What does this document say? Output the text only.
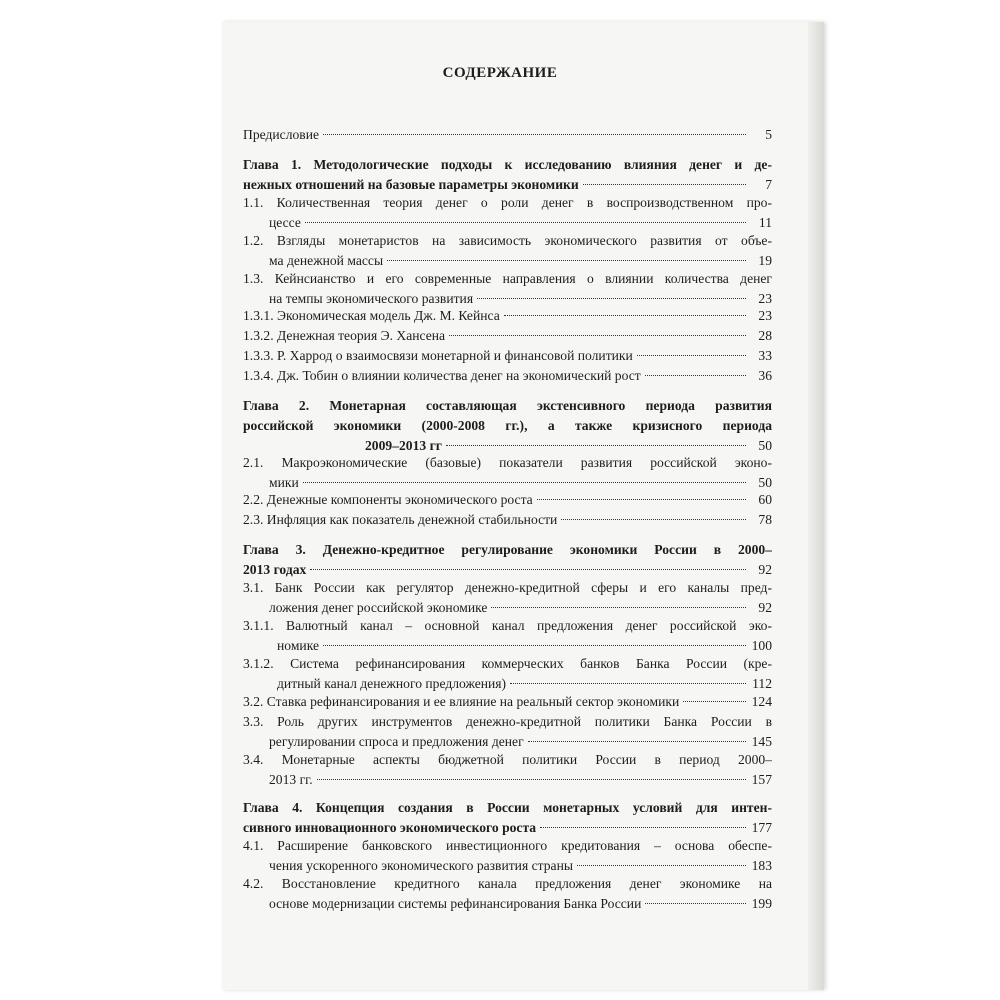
СОДЕРЖАНИЕ
Предисловие	5
Глава 1. Методологические подходы к исследованию влияния денег и де-
нежных отношений на базовые параметры экономики	7
1.1. Количественная теория денег о роли денег в воспроизводственном про-
цессе	11
1.2. Взгляды монетаристов на зависимость экономического развития от объе-
ма денежной массы	19
1.3. Кейнсианство и его современные направления о влиянии количества денег
на темпы экономического развития	23
1.3.1. Экономическая модель Дж. М. Кейнса	23
1.3.2. Денежная теория Э. Хансена	28
1.3.3. Р. Харрод о взаимосвязи монетарной и финансовой политики	33
1.3.4. Дж. Тобин о влиянии количества денег на экономический рост	36
Глава 2. Монетарная составляющая экстенсивного периода развития
российской экономики (2000-2008 гг.), а также кризисного периода
2009–2013 гг	50
2.1. Макроэкономические (базовые) показатели развития российской эконо-
мики	50
2.2. Денежные компоненты экономического роста	60
2.3. Инфляция как показатель денежной стабильности	78
Глава 3. Денежно-кредитное регулирование экономики России в 2000–
2013 годах	92
3.1. Банк России как регулятор денежно-кредитной сферы и его каналы пред-
ложения денег российской экономике	92
3.1.1. Валютный канал – основной канал предложения денег российской эко-
номике	100
3.1.2. Система рефинансирования коммерческих банков Банка России (кре-
дитный канал денежного предложения)	112
3.2. Ставка рефинансирования и ее влияние на реальный сектор экономики	124
3.3. Роль других инструментов денежно-кредитной политики Банка России в
регулировании спроса и предложения денег	145
3.4. Монетарные аспекты бюджетной политики России в период 2000–
2013 гг.	157
Глава 4. Концепция создания в России монетарных условий для интен-
сивного инновационного экономического роста	177
4.1. Расширение банковского инвестиционного кредитования – основа обеспе-
чения ускоренного экономического развития страны	183
4.2. Восстановление кредитного канала предложения денег экономике на
основе модернизации системы рефинансирования Банка России	199
